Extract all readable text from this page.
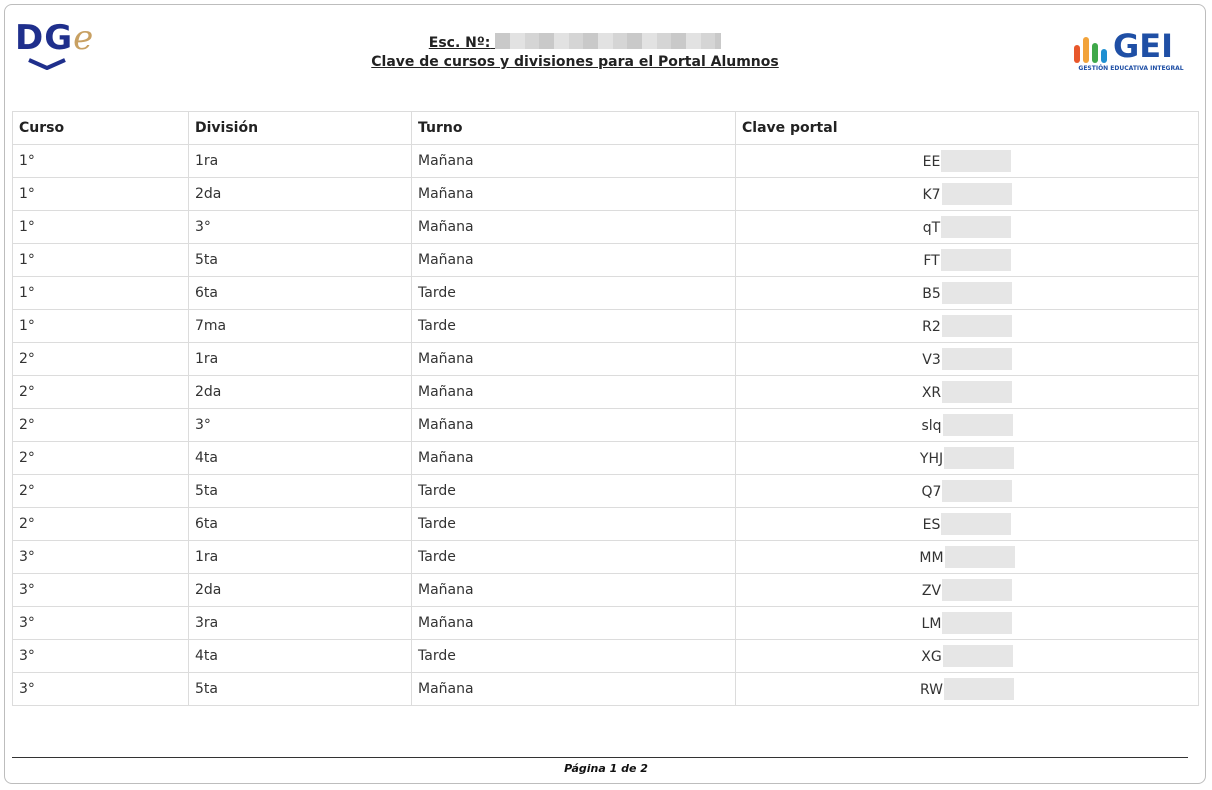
DGe	Esc. Nº:
Clave de cursos y divisiones para el Portal Alumnos	GEI
GESTIÓN EDUCATIVA INTEGRAL
Curso	División	Turno	Clave portal
1°	1ra	Mañana	EE
1°	2da	Mañana	K7
1°	3°	Mañana	qT
1°	5ta	Mañana	FT
1°	6ta	Tarde	B5
1°	7ma	Tarde	R2
2°	1ra	Mañana	V3
2°	2da	Mañana	XR
2°	3°	Mañana	slq
2°	4ta	Mañana	YHJ
2°	5ta	Tarde	Q7
2°	6ta	Tarde	ES
3°	1ra	Tarde	MM
3°	2da	Mañana	ZV
3°	3ra	Mañana	LM
3°	4ta	Tarde	XG
3°	5ta	Mañana	RW
Página 1 de 2
